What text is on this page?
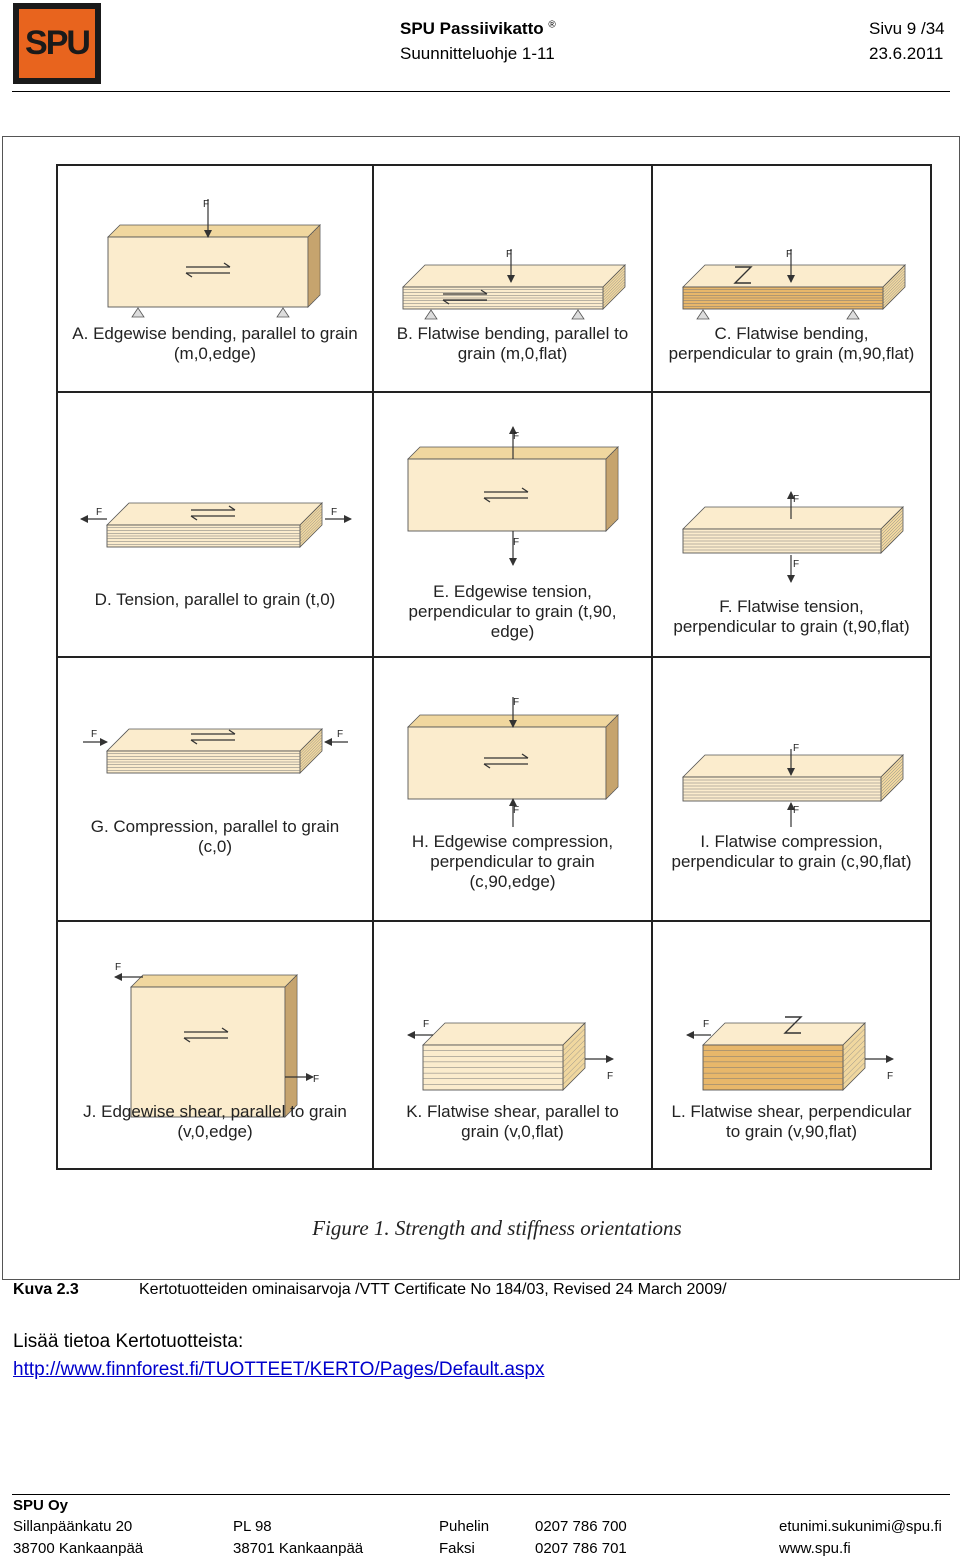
SPU	SPU Passiivikatto ®
Suunnitteluohje 1-11
Sivu 9 /34
23.6.2011
F
A. Edgewise bending, parallel to grain
(m,0,edge)
F
B. Flatwise bending, parallel to
grain (m,0,flat)
F
C. Flatwise bending,
perpendicular to grain (m,90,flat)
F	F
D. Tension, parallel to grain (t,0)
F
F
E. Edgewise tension,
perpendicular to grain (t,90,
edge)
F
F
F. Flatwise tension,
perpendicular to grain (t,90,flat)
F	F
G. Compression, parallel to grain
(c,0)
F
F
H. Edgewise compression,
perpendicular to grain
(c,90,edge)
F
F
I. Flatwise compression,
perpendicular to grain (c,90,flat)
F
F
J. Edgewise shear, parallel to grain
(v,0,edge)
F
F
K. Flatwise shear, parallel to
grain (v,0,flat)
F
F
L. Flatwise shear, perpendicular
to grain (v,90,flat)
Figure 1. Strength and stiffness orientations
Kuva 2.3	Kertotuotteiden ominaisarvoja /VTT Certificate No 184/03, Revised 24 March 2009/
Lisää tietoa Kertotuotteista:
http://www.finnforest.fi/TUOTTEET/KERTO/Pages/Default.aspx
SPU Oy
Sillanpäänkatu 20	PL 98	Puhelin	0207 786 700	etunimi.sukunimi@spu.fi
38700 Kankaanpää	38701 Kankaanpää	Faksi	0207 786 701	www.spu.fi
